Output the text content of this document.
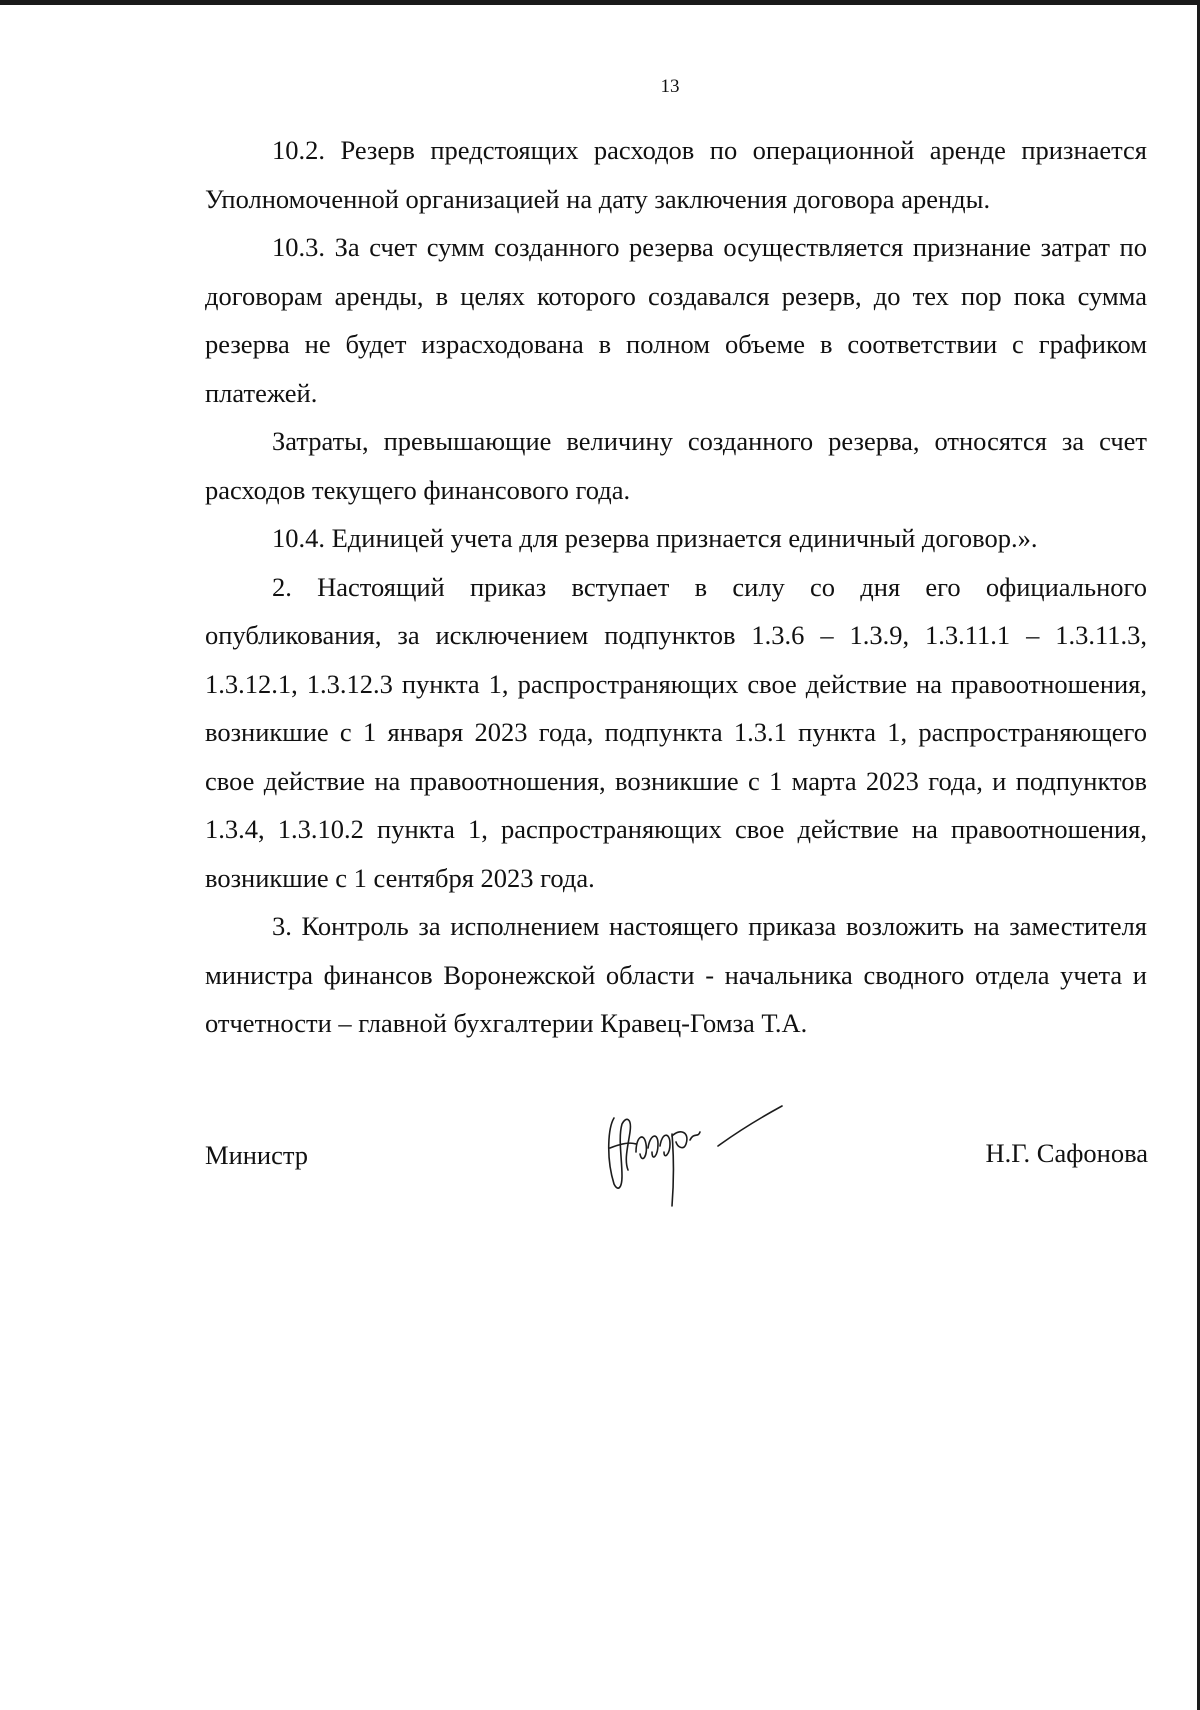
13

10.2. Резерв предстоящих расходов по операционной аренде признается Уполномоченной организацией на дату заключения договора аренды.

10.3. За счет сумм созданного резерва осуществляется признание затрат по договорам аренды, в целях которого создавался резерв, до тех пор пока сумма резерва не будет израсходована в полном объеме в соответствии с графиком платежей.

Затраты, превышающие величину созданного резерва, относятся за счет расходов текущего финансового года.

10.4. Единицей учета для резерва признается единичный договор.».

2. Настоящий приказ вступает в силу со дня его официального опубликования, за исключением подпунктов 1.3.6 – 1.3.9, 1.3.11.1 – 1.3.11.3, 1.3.12.1, 1.3.12.3 пункта 1, распространяющих свое действие на правоотношения, возникшие с 1 января 2023 года, подпункта 1.3.1 пункта 1, распространяющего свое действие на правоотношения, возникшие с 1 марта 2023 года, и подпунктов 1.3.4, 1.3.10.2 пункта 1, распространяющих свое действие на правоотношения, возникшие с 1 сентября 2023 года.

3. Контроль за исполнением настоящего приказа возложить на заместителя министра финансов Воронежской области - начальника сводного отдела учета и отчетности – главной бухгалтерии Кравец-Гомза Т.А.

Министр	Н.Г. Сафонова
